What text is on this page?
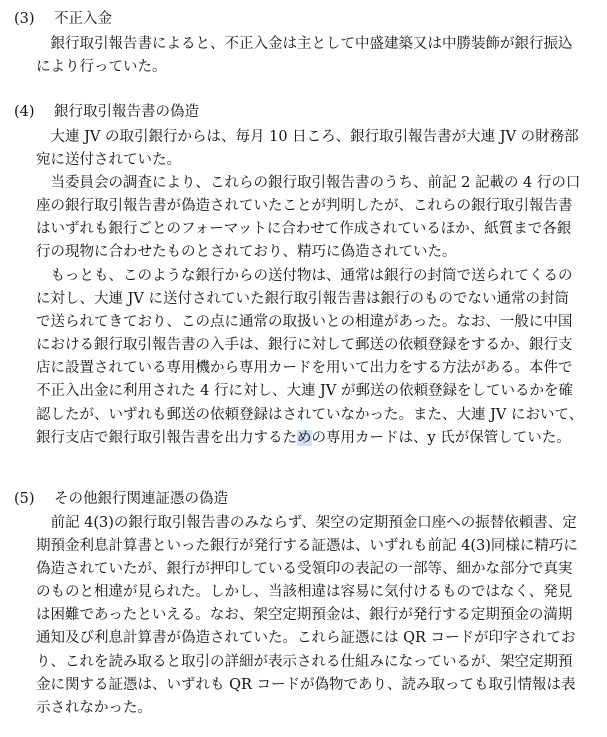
(3) 不正入金
　銀行取引報告書によると、不正入金は主として中盛建築又は中勝装飾が銀行振込
により行っていた。
(4) 銀行取引報告書の偽造
　大連 JV の取引銀行からは、毎月 10 日ころ、銀行取引報告書が大連 JV の財務部
宛に送付されていた。
　当委員会の調査により、これらの銀行取引報告書のうち、前記 2 記載の 4 行の口
座の銀行取引報告書が偽造されていたことが判明したが、これらの銀行取引報告書
はいずれも銀行ごとのフォーマットに合わせて作成されているほか、紙質まで各銀
行の現物に合わせたものとされており、精巧に偽造されていた。
　もっとも、このような銀行からの送付物は、通常は銀行の封筒で送られてくるの
に対し、大連 JV に送付されていた銀行取引報告書は銀行のものでない通常の封筒
で送られてきており、この点に通常の取扱いとの相違があった。なお、一般に中国
における銀行取引報告書の入手は、銀行に対して郵送の依頼登録をするか、銀行支
店に設置されている専用機から専用カードを用いて出力をする方法がある。本件で
不正入出金に利用された 4 行に対し、大連 JV が郵送の依頼登録をしているかを確
認したが、いずれも郵送の依頼登録はされていなかった。また、大連 JV において、
銀行支店で銀行取引報告書を出力するための専用カードは、y 氏が保管していた。
(5) その他銀行関連証憑の偽造
　前記 4(3)の銀行取引報告書のみならず、架空の定期預金口座への振替依頼書、定
期預金利息計算書といった銀行が発行する証憑は、いずれも前記 4(3)同様に精巧に
偽造されていたが、銀行が押印している受領印の表記の一部等、細かな部分で真実
のものと相違が見られた。しかし、当該相違は容易に気付けるものではなく、発見
は困難であったといえる。なお、架空定期預金は、銀行が発行する定期預金の満期
通知及び利息計算書が偽造されていた。これら証憑には QR コードが印字されてお
り、これを読み取ると取引の詳細が表示される仕組みになっているが、架空定期預
金に関する証憑は、いずれも QR コードが偽物であり、読み取っても取引情報は表
示されなかった。
